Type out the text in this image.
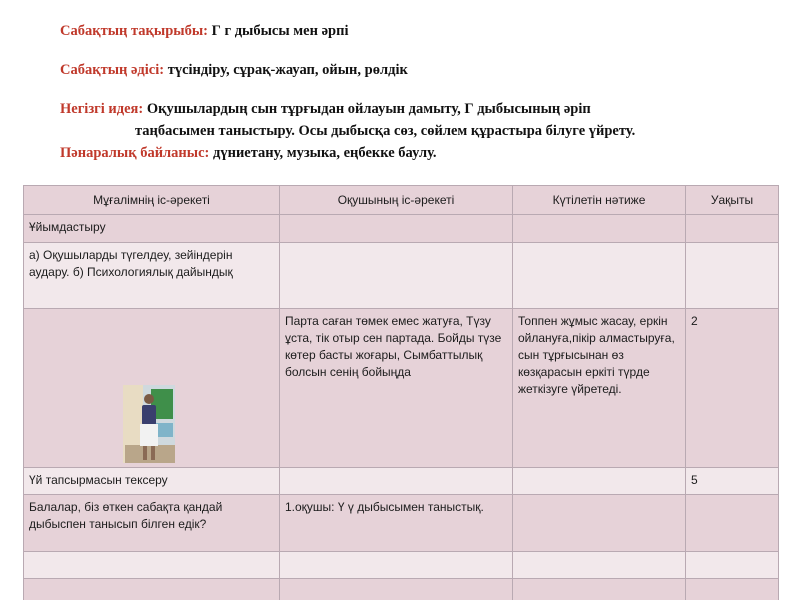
Сабақтың тақырыбы: Г г дыбысы мен әрпі
Сабақтың әдісі: түсіндіру, сұрақ-жауап, ойын, рөлдік
Негізгі идея: Оқушылардың сын тұрғыдан ойлауын дамыту, Г дыбысының әріп
таңбасымен таныстыру. Осы дыбысқа сөз, сөйлем құрастыра білуге үйрету.
Пәнаралық байланыс: дүниетану, музыка, еңбекке баулу.
Мұғалімнің іс-әрекеті	Оқушының іс-әрекеті	Күтілетін нәтиже	Уақыты
Ұйымдастыру			
а) Оқушыларды түгелдеу, зейіндерін аудару. б) Психологиялық дайындық			

	Парта саған төмек емес жатуға, Түзу ұста, тік отыр сен партада. Бойды түзе көтер басты жоғары, Сымбаттылық болсын сенің бойыңда	Топпен жұмыс жасау, еркін ойлануға,пікір алмастыруға, сын тұрғысынан өз көзқарасын еркіті түрде жеткізуге үйретеді.	2
Үй тапсырмасын тексеру			5
Балалар, біз өткен сабақта қандай дыбыспен танысып білген едік?	1.оқушы: Ү ү дыбысымен таныстық.		
